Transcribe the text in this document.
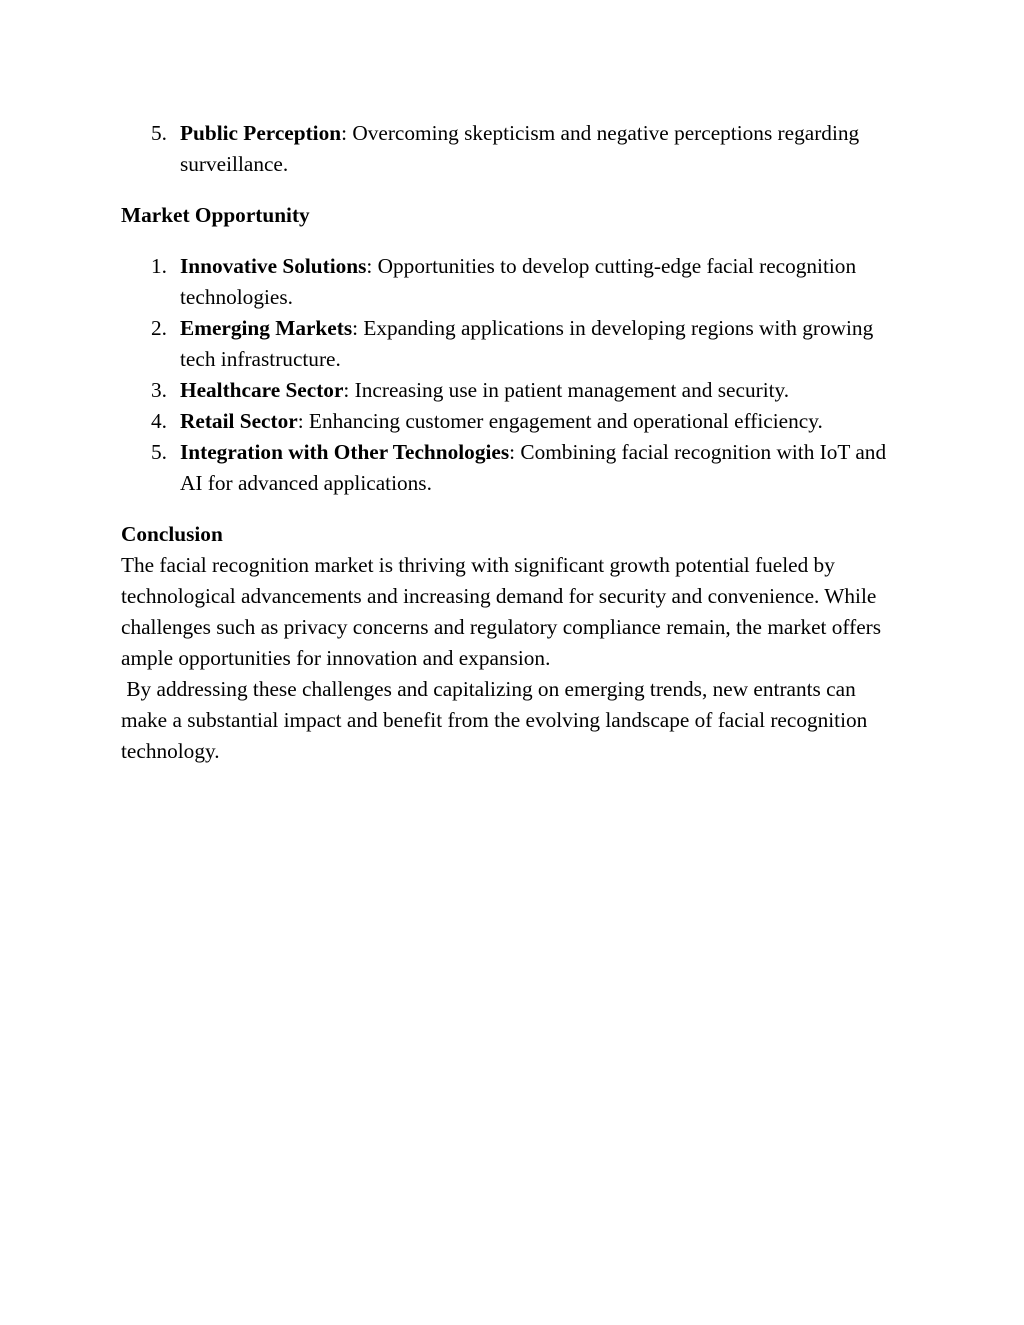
5. Public Perception: Overcoming skepticism and negative perceptions regarding surveillance.

Market Opportunity

1. Innovative Solutions: Opportunities to develop cutting-edge facial recognition technologies.
2. Emerging Markets: Expanding applications in developing regions with growing tech infrastructure.
3. Healthcare Sector: Increasing use in patient management and security.
4. Retail Sector: Enhancing customer engagement and operational efficiency.
5. Integration with Other Technologies: Combining facial recognition with IoT and AI for advanced applications.

Conclusion

The facial recognition market is thriving with significant growth potential fueled by technological advancements and increasing demand for security and convenience. While challenges such as privacy concerns and regulatory compliance remain, the market offers ample opportunities for innovation and expansion.

By addressing these challenges and capitalizing on emerging trends, new entrants can make a substantial impact and benefit from the evolving landscape of facial recognition technology.
